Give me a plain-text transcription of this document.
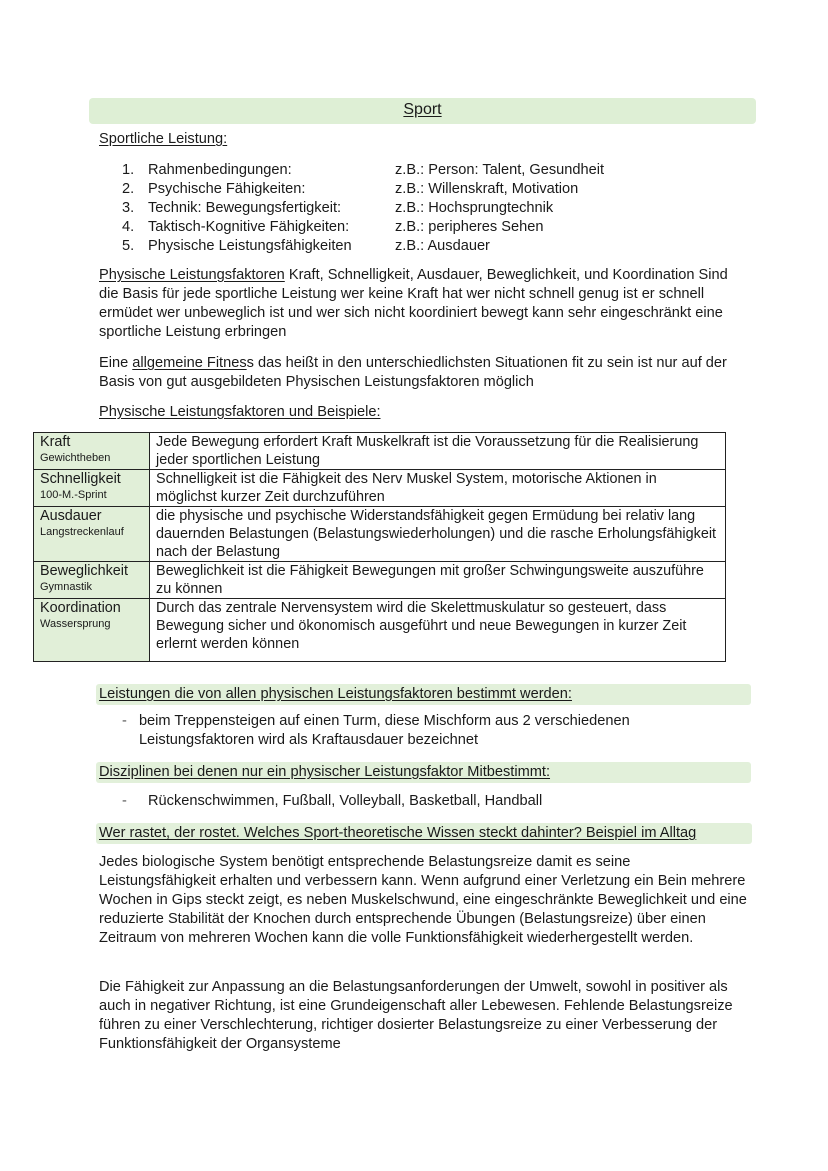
Sport
Sportliche Leistung:
1. Rahmenbedingungen:	z.B.: Person: Talent, Gesundheit
2. Psychische Fähigkeiten:	z.B.: Willenskraft, Motivation
3. Technik: Bewegungsfertigkeit:	z.B.: Hochsprungtechnik
4. Taktisch-Kognitive Fähigkeiten:	z.B.: peripheres Sehen
5. Physische Leistungsfähigkeiten	z.B.: Ausdauer
Physische Leistungsfaktoren Kraft, Schnelligkeit, Ausdauer, Beweglichkeit, und Koordination Sind die Basis für jede sportliche Leistung wer keine Kraft hat wer nicht schnell genug ist er schnell ermüdet wer unbeweglich ist und wer sich nicht koordiniert bewegt kann sehr eingeschränkt eine sportliche Leistung erbringen
Eine allgemeine Fitness das heißt in den unterschiedlichsten Situationen fit zu sein ist nur auf der Basis von gut ausgebildeten Physischen Leistungsfaktoren möglich
Physische Leistungsfaktoren und Beispiele:
Kraft
Gewichtheben	Jede Bewegung erfordert Kraft Muskelkraft ist die Voraussetzung für die Realisierung jeder sportlichen Leistung

Schnelligkeit
100-M.-Sprint	Schnelligkeit ist die Fähigkeit des Nerv Muskel System, motorische Aktionen in möglichst kurzer Zeit durchzuführen

Ausdauer
Langstreckenlauf	die physische und psychische Widerstandsfähigkeit gegen Ermüdung bei relativ lang dauernden Belastungen (Belastungswiederholungen) und die rasche Erholungsfähigkeit nach der Belastung

Beweglichkeit
Gymnastik	Beweglichkeit ist die Fähigkeit Bewegungen mit großer Schwingungsweite auszuführe zu können

Koordination
Wassersprung	Durch das zentrale Nervensystem wird die Skelettmuskulatur so gesteuert, dass Bewegung sicher und ökonomisch ausgeführt und neue Bewegungen in kurzer Zeit erlernt werden können
Leistungen die von allen physischen Leistungsfaktoren bestimmt werden:
- beim Treppensteigen auf einen Turm, diese Mischform aus 2 verschiedenen Leistungsfaktoren wird als Kraftausdauer bezeichnet
Disziplinen bei denen nur ein physischer Leistungsfaktor Mitbestimmt:
-	Rückenschwimmen, Fußball, Volleyball, Basketball, Handball
Wer rastet, der rostet. Welches Sport-theoretische Wissen steckt dahinter? Beispiel im Alltag
Jedes biologische System benötigt entsprechende Belastungsreize damit es seine Leistungsfähigkeit erhalten und verbessern kann. Wenn aufgrund einer Verletzung ein Bein mehrere Wochen in Gips steckt zeigt, es neben Muskelschwund, eine eingeschränkte Beweglichkeit und eine reduzierte Stabilität der Knochen durch entsprechende Übungen (Belastungsreize) über einen Zeitraum von mehreren Wochen kann die volle Funktionsfähigkeit wiederhergestellt werden.
Die Fähigkeit zur Anpassung an die Belastungsanforderungen der Umwelt, sowohl in positiver als auch in negativer Richtung, ist eine Grundeigenschaft aller Lebewesen. Fehlende Belastungsreize führen zu einer Verschlechterung, richtiger dosierter Belastungsreize zu einer Verbesserung der Funktionsfähigkeit der Organsysteme
